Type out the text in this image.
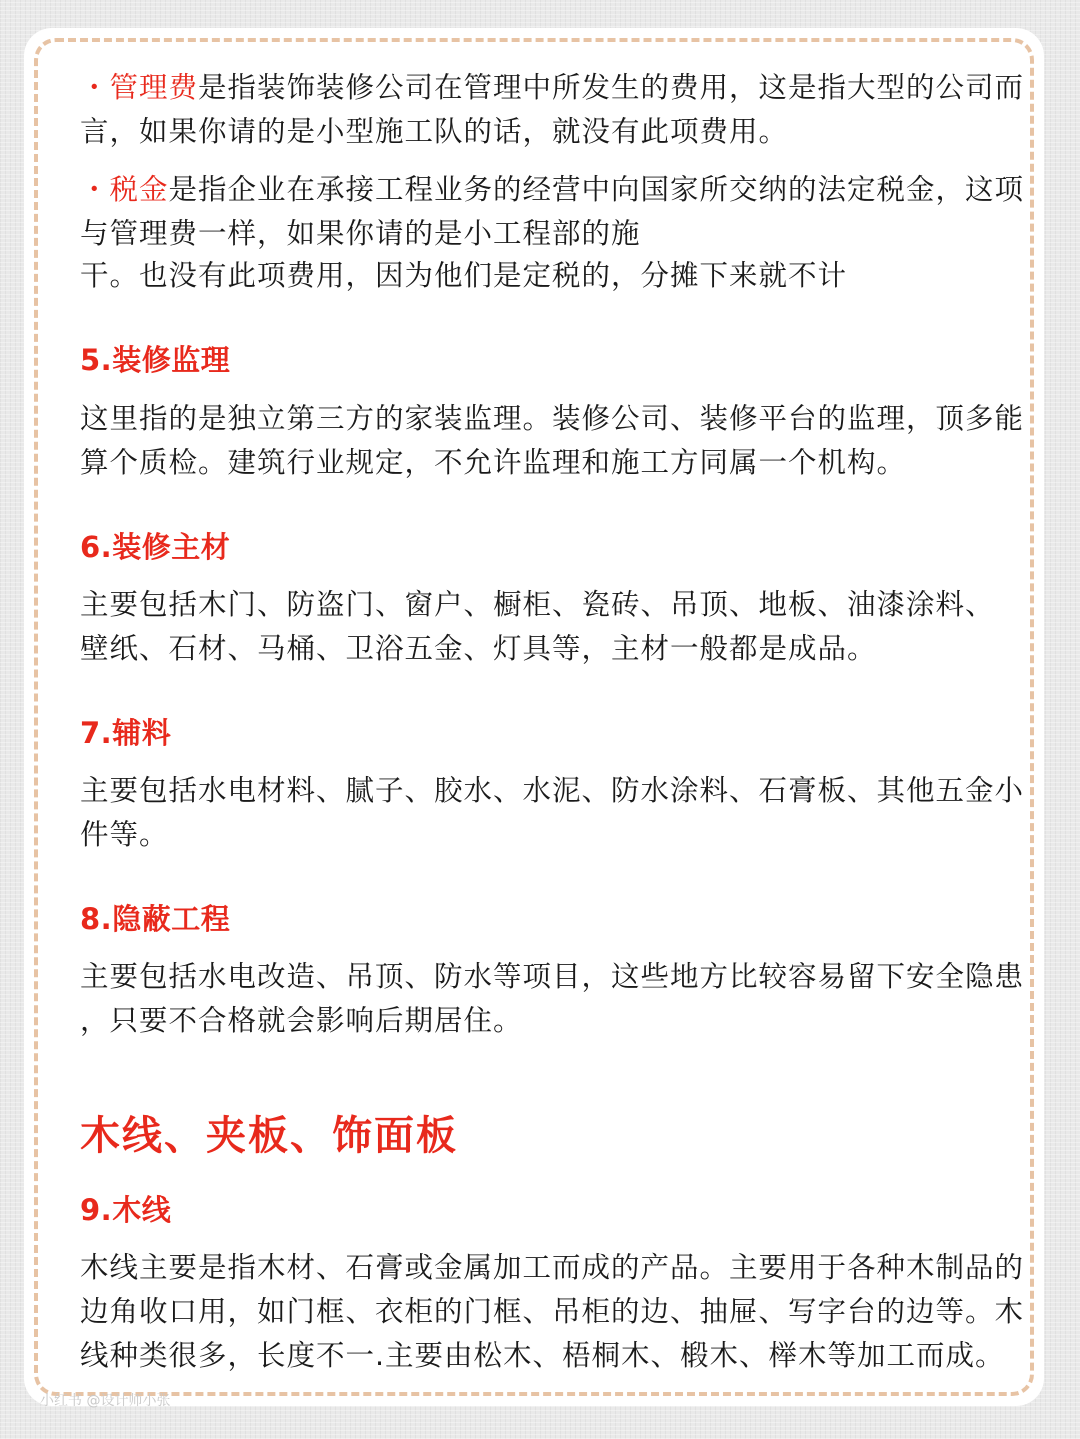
・管理费是指装饰装修公司在管理中所发生的费用，这是指大型的公司而

言，如果你请的是小型施工队的话，就没有此项费用。

・税金是指企业在承接工程业务的经营中向国家所交纳的法定税金，这项

与管理费一样，如果你请的是小工程部的施

干。也没有此项费用，因为他们是定税的，分摊下来就不计

5.装修监理

这里指的是独立第三方的家装监理。装修公司、装修平台的监理，顶多能

算个质检。建筑行业规定，不允许监理和施工方同属一个机构。

6.装修主材

主要包括木门、防盗门、窗户、橱柜、瓷砖、吊顶、地板、油漆涂料、

壁纸、石材、马桶、卫浴五金、灯具等，主材一般都是成品。

7.辅料

主要包括水电材料、腻子、胶水、水泥、防水涂料、石膏板、其他五金小

件等。

8.隐蔽工程

主要包括水电改造、吊顶、防水等项目，这些地方比较容易留下安全隐患

，只要不合格就会影响后期居住。

木线、夹板、饰面板
9.木线

木线主要是指木材、石膏或金属加工而成的产品。主要用于各种木制品的

边角收口用，如门框、衣柜的门框、吊柜的边、抽屉、写字台的边等。木

线种类很多，长度不一.主要由松木、梧桐木、椴木、榉木等加工而成。

小红书 @设计师小张
